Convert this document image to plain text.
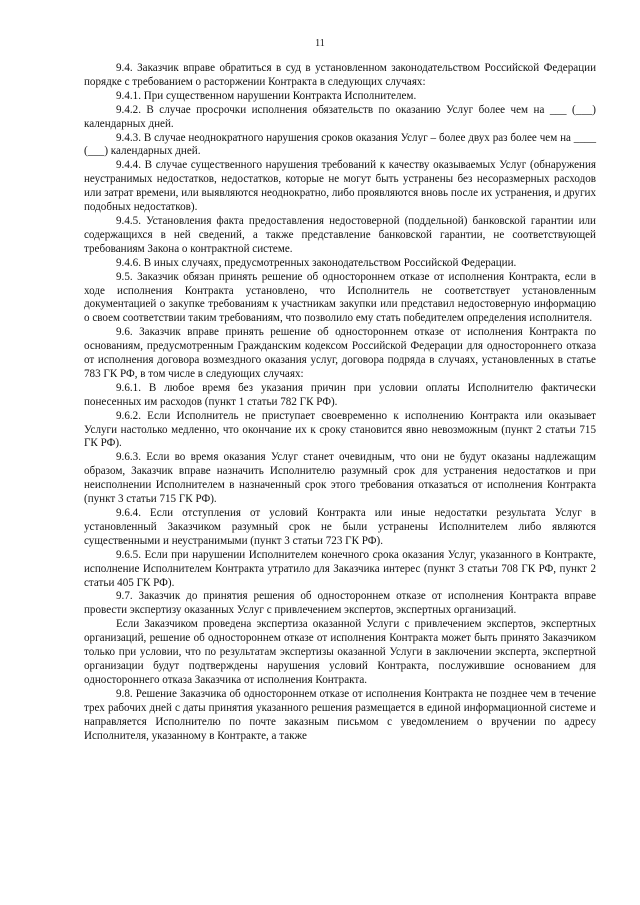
11

9.4. Заказчик вправе обратиться в суд в установленном законодательством Российской Федерации порядке с требованием о расторжении Контракта в следующих случаях:

9.4.1. При существенном нарушении Контракта Исполнителем.

9.4.2. В случае просрочки исполнения обязательств по оказанию Услуг более чем на ___ (___) календарных дней.

9.4.3. В случае неоднократного нарушения сроков оказания Услуг – более двух раз более чем на ____ (___) календарных дней.

9.4.4. В случае существенного нарушения требований к качеству оказываемых Услуг (обнаружения неустранимых недостатков, недостатков, которые не могут быть устранены без несоразмерных расходов или затрат времени, или выявляются неоднократно, либо проявляются вновь после их устранения, и других подобных недостатков).

9.4.5. Установления факта предоставления недостоверной (поддельной) банковской гарантии или содержащихся в ней сведений, а также представление банковской гарантии, не соответствующей требованиям Закона о контрактной системе.

9.4.6. В иных случаях, предусмотренных законодательством Российской Федерации.

9.5. Заказчик обязан принять решение об одностороннем отказе от исполнения Контракта, если в ходе исполнения Контракта установлено, что Исполнитель не соответствует установленным документацией о закупке требованиям к участникам закупки или представил недостоверную информацию о своем соответствии таким требованиям, что позволило ему стать победителем определения исполнителя.

9.6. Заказчик вправе принять решение об одностороннем отказе от исполнения Контракта по основаниям, предусмотренным Гражданским кодексом Российской Федерации для одностороннего отказа от исполнения договора возмездного оказания услуг, договора подряда в случаях, установленных в статье 783 ГК РФ, в том числе в следующих случаях:

9.6.1. В любое время без указания причин при условии оплаты Исполнителю фактически понесенных им расходов (пункт 1 статьи 782 ГК РФ).

9.6.2. Если Исполнитель не приступает своевременно к исполнению Контракта или оказывает Услуги настолько медленно, что окончание их к сроку становится явно невозможным (пункт 2 статьи 715 ГК РФ).

9.6.3. Если во время оказания Услуг станет очевидным, что они не будут оказаны надлежащим образом, Заказчик вправе назначить Исполнителю разумный срок для устранения недостатков и при неисполнении Исполнителем в назначенный срок этого требования отказаться от исполнения Контракта (пункт 3 статьи 715 ГК РФ).

9.6.4. Если отступления от условий Контракта или иные недостатки результата Услуг в установленный Заказчиком разумный срок не были устранены Исполнителем либо являются существенными и неустранимыми (пункт 3 статьи 723 ГК РФ).

9.6.5. Если при нарушении Исполнителем конечного срока оказания Услуг, указанного в Контракте, исполнение Исполнителем Контракта утратило для Заказчика интерес (пункт 3 статьи 708 ГК РФ, пункт 2 статьи 405 ГК РФ).

9.7. Заказчик до принятия решения об одностороннем отказе от исполнения Контракта вправе провести экспертизу оказанных Услуг с привлечением экспертов, экспертных организаций.

Если Заказчиком проведена экспертиза оказанной Услуги с привлечением экспертов, экспертных организаций, решение об одностороннем отказе от исполнения Контракта может быть принято Заказчиком только при условии, что по результатам экспертизы оказанной Услуги в заключении эксперта, экспертной организации будут подтверждены нарушения условий Контракта, послужившие основанием для одностороннего отказа Заказчика от исполнения Контракта.

9.8. Решение Заказчика об одностороннем отказе от исполнения Контракта не позднее чем в течение трех рабочих дней с даты принятия указанного решения размещается в единой информационной системе и направляется Исполнителю по почте заказным письмом с уведомлением о вручении по адресу Исполнителя, указанному в Контракте, а также
